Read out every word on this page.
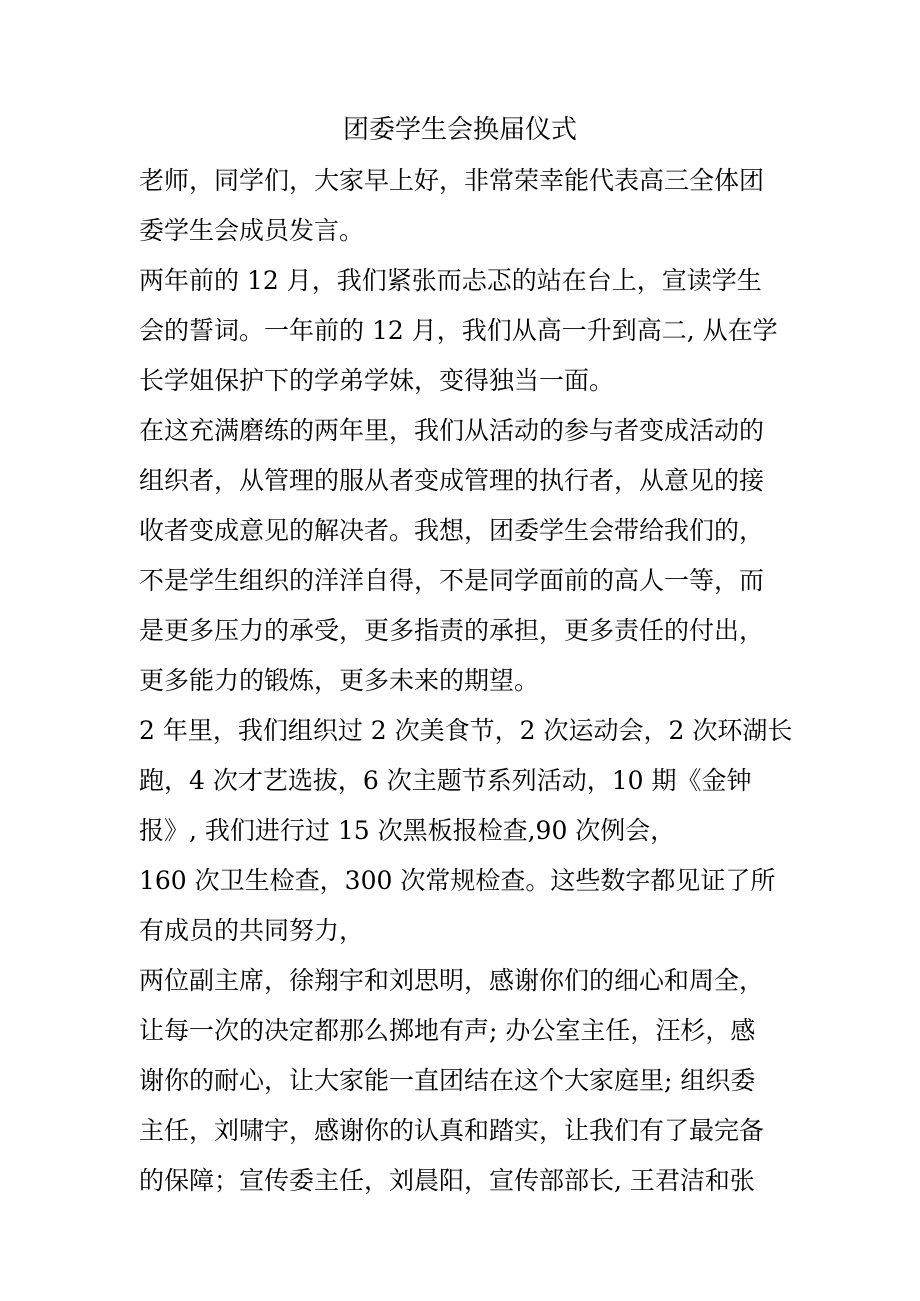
团委学生会换届仪式

老师，同学们，大家早上好，非常荣幸能代表高三全体团

委学生会成员发言。

两年前的 12 月，我们紧张而忐忑的站在台上，宣读学生

会的誓词。一年前的 12 月，我们从高一升到高二, 从在学

长学姐保护下的学弟学妹，变得独当一面。

在这充满磨练的两年里，我们从活动的参与者变成活动的

组织者，从管理的服从者变成管理的执行者，从意见的接

收者变成意见的解决者。我想，团委学生会带给我们的，

不是学生组织的洋洋自得，不是同学面前的高人一等，而

是更多压力的承受，更多指责的承担，更多责任的付出，

更多能力的锻炼，更多未来的期望。

2 年里，我们组织过 2 次美食节，2 次运动会，2 次环湖长

跑，4 次才艺选拔，6 次主题节系列活动，10 期《金钟

报》, 我们进行过 15 次黑板报检查,90 次例会，

160 次卫生检查，300 次常规检查。这些数字都见证了所

有成员的共同努力，

两位副主席，徐翔宇和刘思明，感谢你们的细心和周全，

让每一次的决定都那么掷地有声; 办公室主任，汪杉，感

谢你的耐心，让大家能一直团结在这个大家庭里; 组织委

主任，刘啸宇，感谢你的认真和踏实，让我们有了最完备

的保障；宣传委主任，刘晨阳，宣传部部长, 王君洁和张
